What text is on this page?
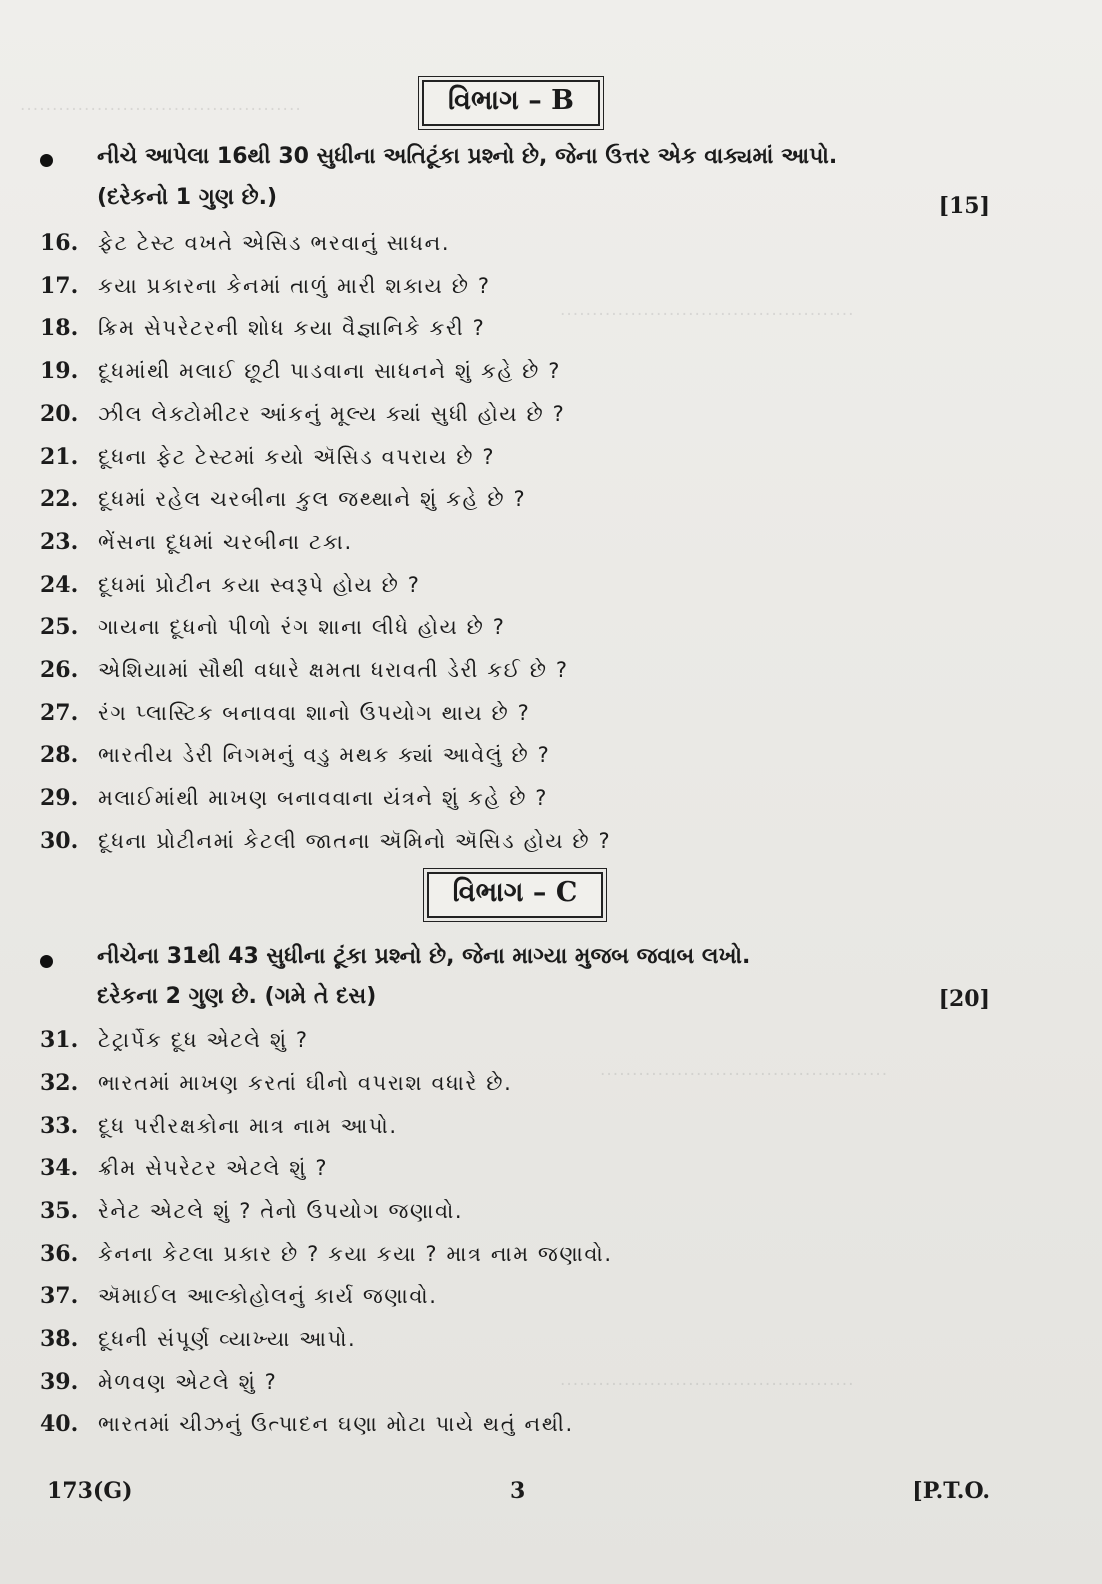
............................................
..............................................
.............................................
..............................................
વિભાગ – B
નીચે આપેલા 16થી 30 સુધીના અતિટૂંકા પ્રશ્નો છે, જેના ઉત્તર એક વાક્યમાં આપો.
(દરેકનો 1 ગુણ છે.)	[15]
16. ફેટ ટેસ્ટ વખતે એસિડ ભરવાનું સાધન.
17. કયા પ્રકારના કેનમાં તાળું મારી શકાય છે ?
18. ક્રિમ સેપરેટરની શોધ કયા વૈજ્ઞાનિકે કરી ?
19. દૂધમાંથી મલાઈ છૂટી પાડવાના સાધનને શું કહે છે ?
20. ઝીલ લેક્ટોમીટર આંકનું મૂલ્ય ક્યાં સુધી હોય છે ?
21. દૂધના ફેટ ટેસ્ટમાં કયો ઍસિડ વપરાય છે ?
22. દૂધમાં રહેલ ચરબીના કુલ જથ્થાને શું કહે છે ?
23. ભેંસના દૂધમાં ચરબીના ટકા.
24. દૂધમાં પ્રોટીન કયા સ્વરૂપે હોય છે ?
25. ગાયના દૂધનો પીળો રંગ શાના લીધે હોય છે ?
26. એશિયામાં સૌથી વધારે ક્ષમતા ધરાવતી ડેરી કઈ છે ?
27. રંગ પ્લાસ્ટિક બનાવવા શાનો ઉપયોગ થાય છે ?
28. ભારતીય ડેરી નિગમનું વડુ મથક ક્યાં આવેલું છે ?
29. મલાઈમાંથી માખણ બનાવવાના યંત્રને શું કહે છે ?
30. દૂધના પ્રોટીનમાં કેટલી જાતના ઍમિનો ઍસિડ હોય છે ?
વિભાગ – C
નીચેના 31થી 43 સુધીના ટૂંકા પ્રશ્નો છે, જેના માગ્યા મુજબ જવાબ લખો.
દરેકના 2 ગુણ છે. (ગમે તે દસ)	[20]
31. ટેટ્રાર્પેક દૂધ એટલે શું ?
32. ભારતમાં માખણ કરતાં ઘીનો વપરાશ વધારે છે.
33. દૂધ પરીરક્ષકોના માત્ર નામ આપો.
34. ક્રીમ સેપરેટર એટલે શું ?
35. રેનેટ એટલે શું ? તેનો ઉપયોગ જણાવો.
36. કેનના કેટલા પ્રકાર છે ? કયા કયા ? માત્ર નામ જણાવો.
37. ઍમાઈલ આલ્કોહોલનું કાર્ય જણાવો.
38. દૂધની સંપૂર્ણ વ્યાખ્યા આપો.
39. મેળવણ એટલે શું ?
40. ભારતમાં ચીઝનું ઉત્પાદન ઘણા મોટા પાયે થતું નથી.
173(G)	3	[P.T.O.
